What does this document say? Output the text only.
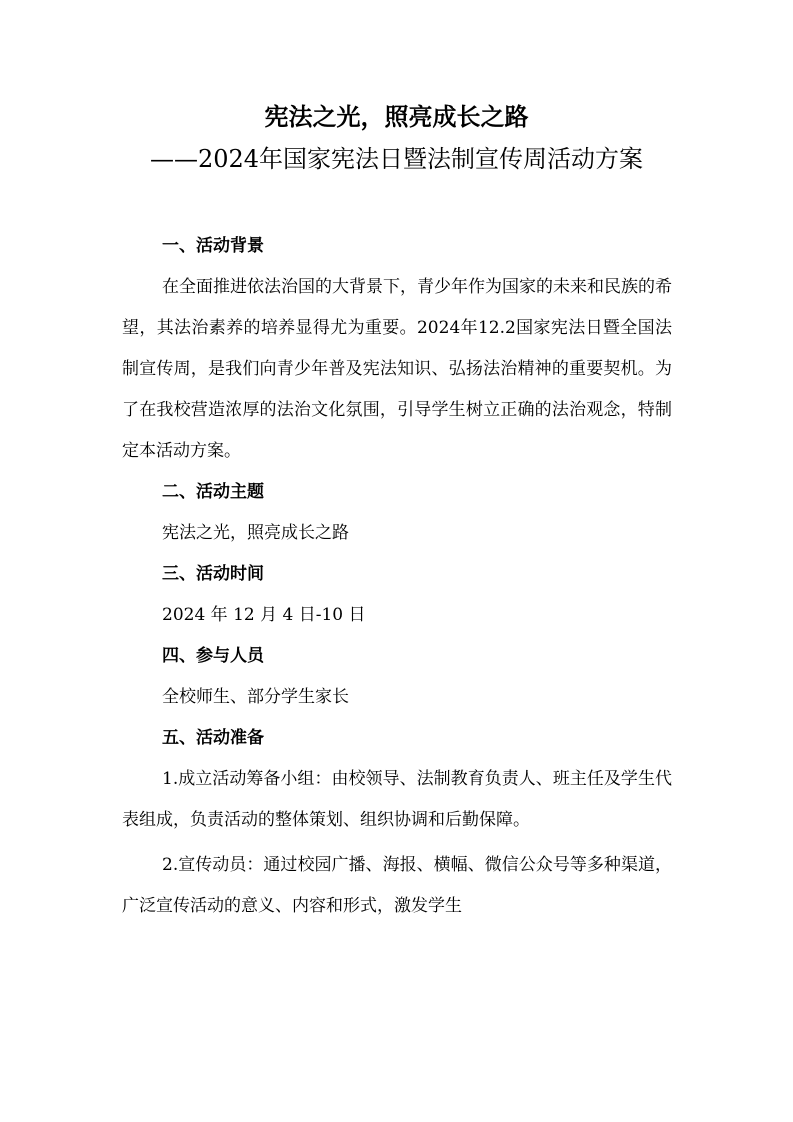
宪法之光，照亮成长之路
——2024年国家宪法日暨法制宣传周活动方案
一、活动背景

在全面推进依法治国的大背景下，青少年作为国家的未来和民族的希望，其法治素养的培养显得尤为重要。2024年12.2国家宪法日暨全国法制宣传周，是我们向青少年普及宪法知识、弘扬法治精神的重要契机。为了在我校营造浓厚的法治文化氛围，引导学生树立正确的法治观念，特制定本活动方案。

二、活动主题
宪法之光，照亮成长之路
三、活动时间
2024 年 12 月 4 日-10 日
四、参与人员
全校师生、部分学生家长
五、活动准备

1.成立活动筹备小组：由校领导、法制教育负责人、班主任及学生代表组成，负责活动的整体策划、组织协调和后勤保障。

2.宣传动员：通过校园广播、海报、横幅、微信公众号等多种渠道，广泛宣传活动的意义、内容和形式，激发学生
